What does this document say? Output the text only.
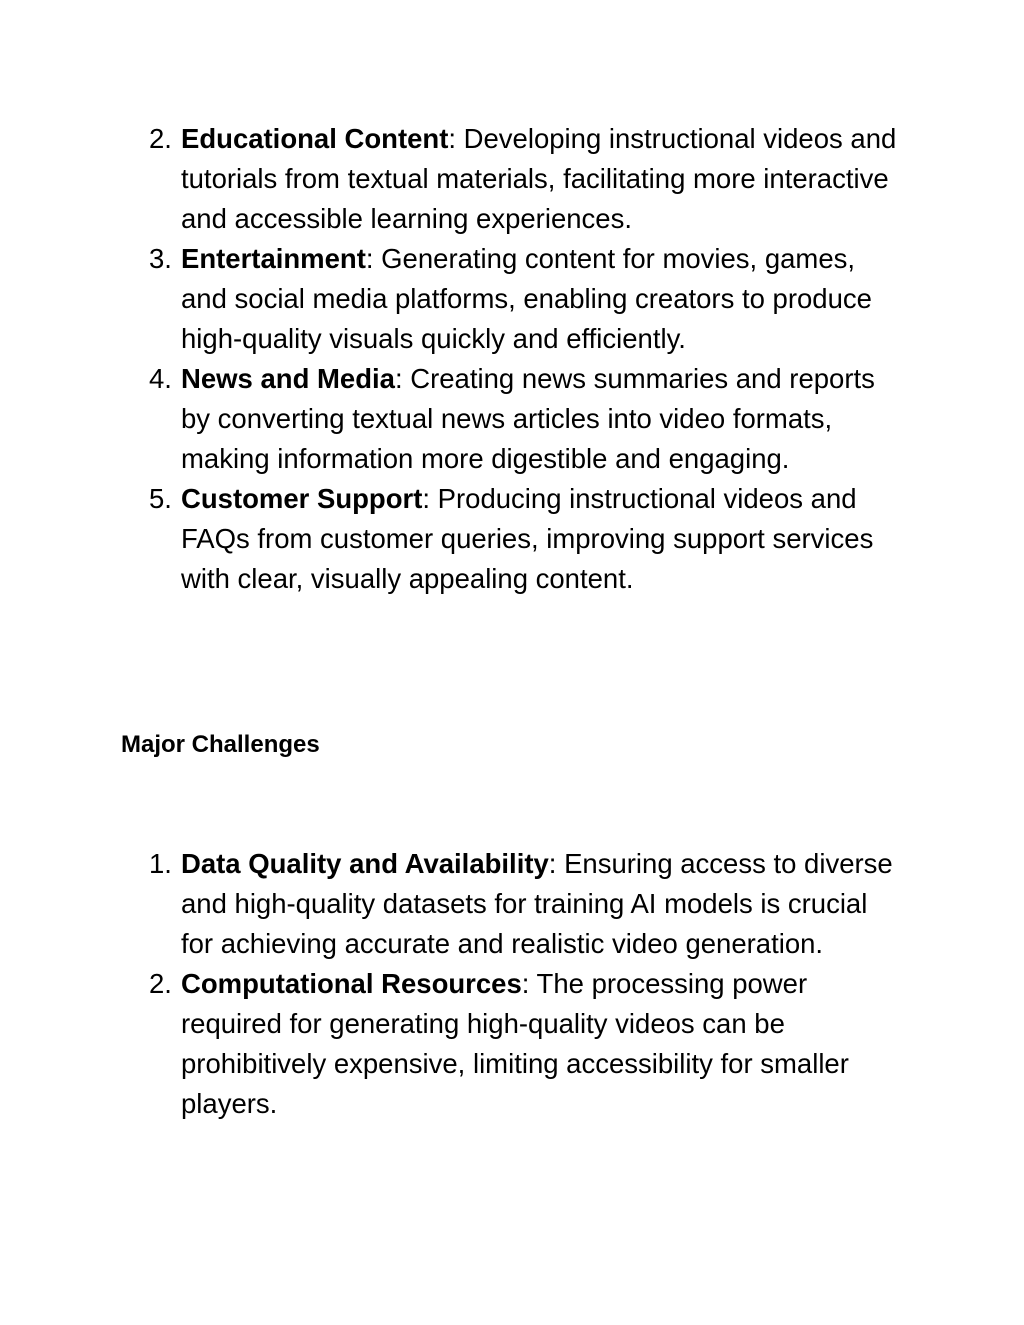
2. Educational Content: Developing instructional videos and tutorials from textual materials, facilitating more interactive and accessible learning experiences.
3. Entertainment: Generating content for movies, games, and social media platforms, enabling creators to produce high-quality visuals quickly and efficiently.
4. News and Media: Creating news summaries and reports by converting textual news articles into video formats, making information more digestible and engaging.
5. Customer Support: Producing instructional videos and FAQs from customer queries, improving support services with clear, visually appealing content.
Major Challenges
1. Data Quality and Availability: Ensuring access to diverse and high-quality datasets for training AI models is crucial for achieving accurate and realistic video generation.
2. Computational Resources: The processing power required for generating high-quality videos can be prohibitively expensive, limiting accessibility for smaller players.
